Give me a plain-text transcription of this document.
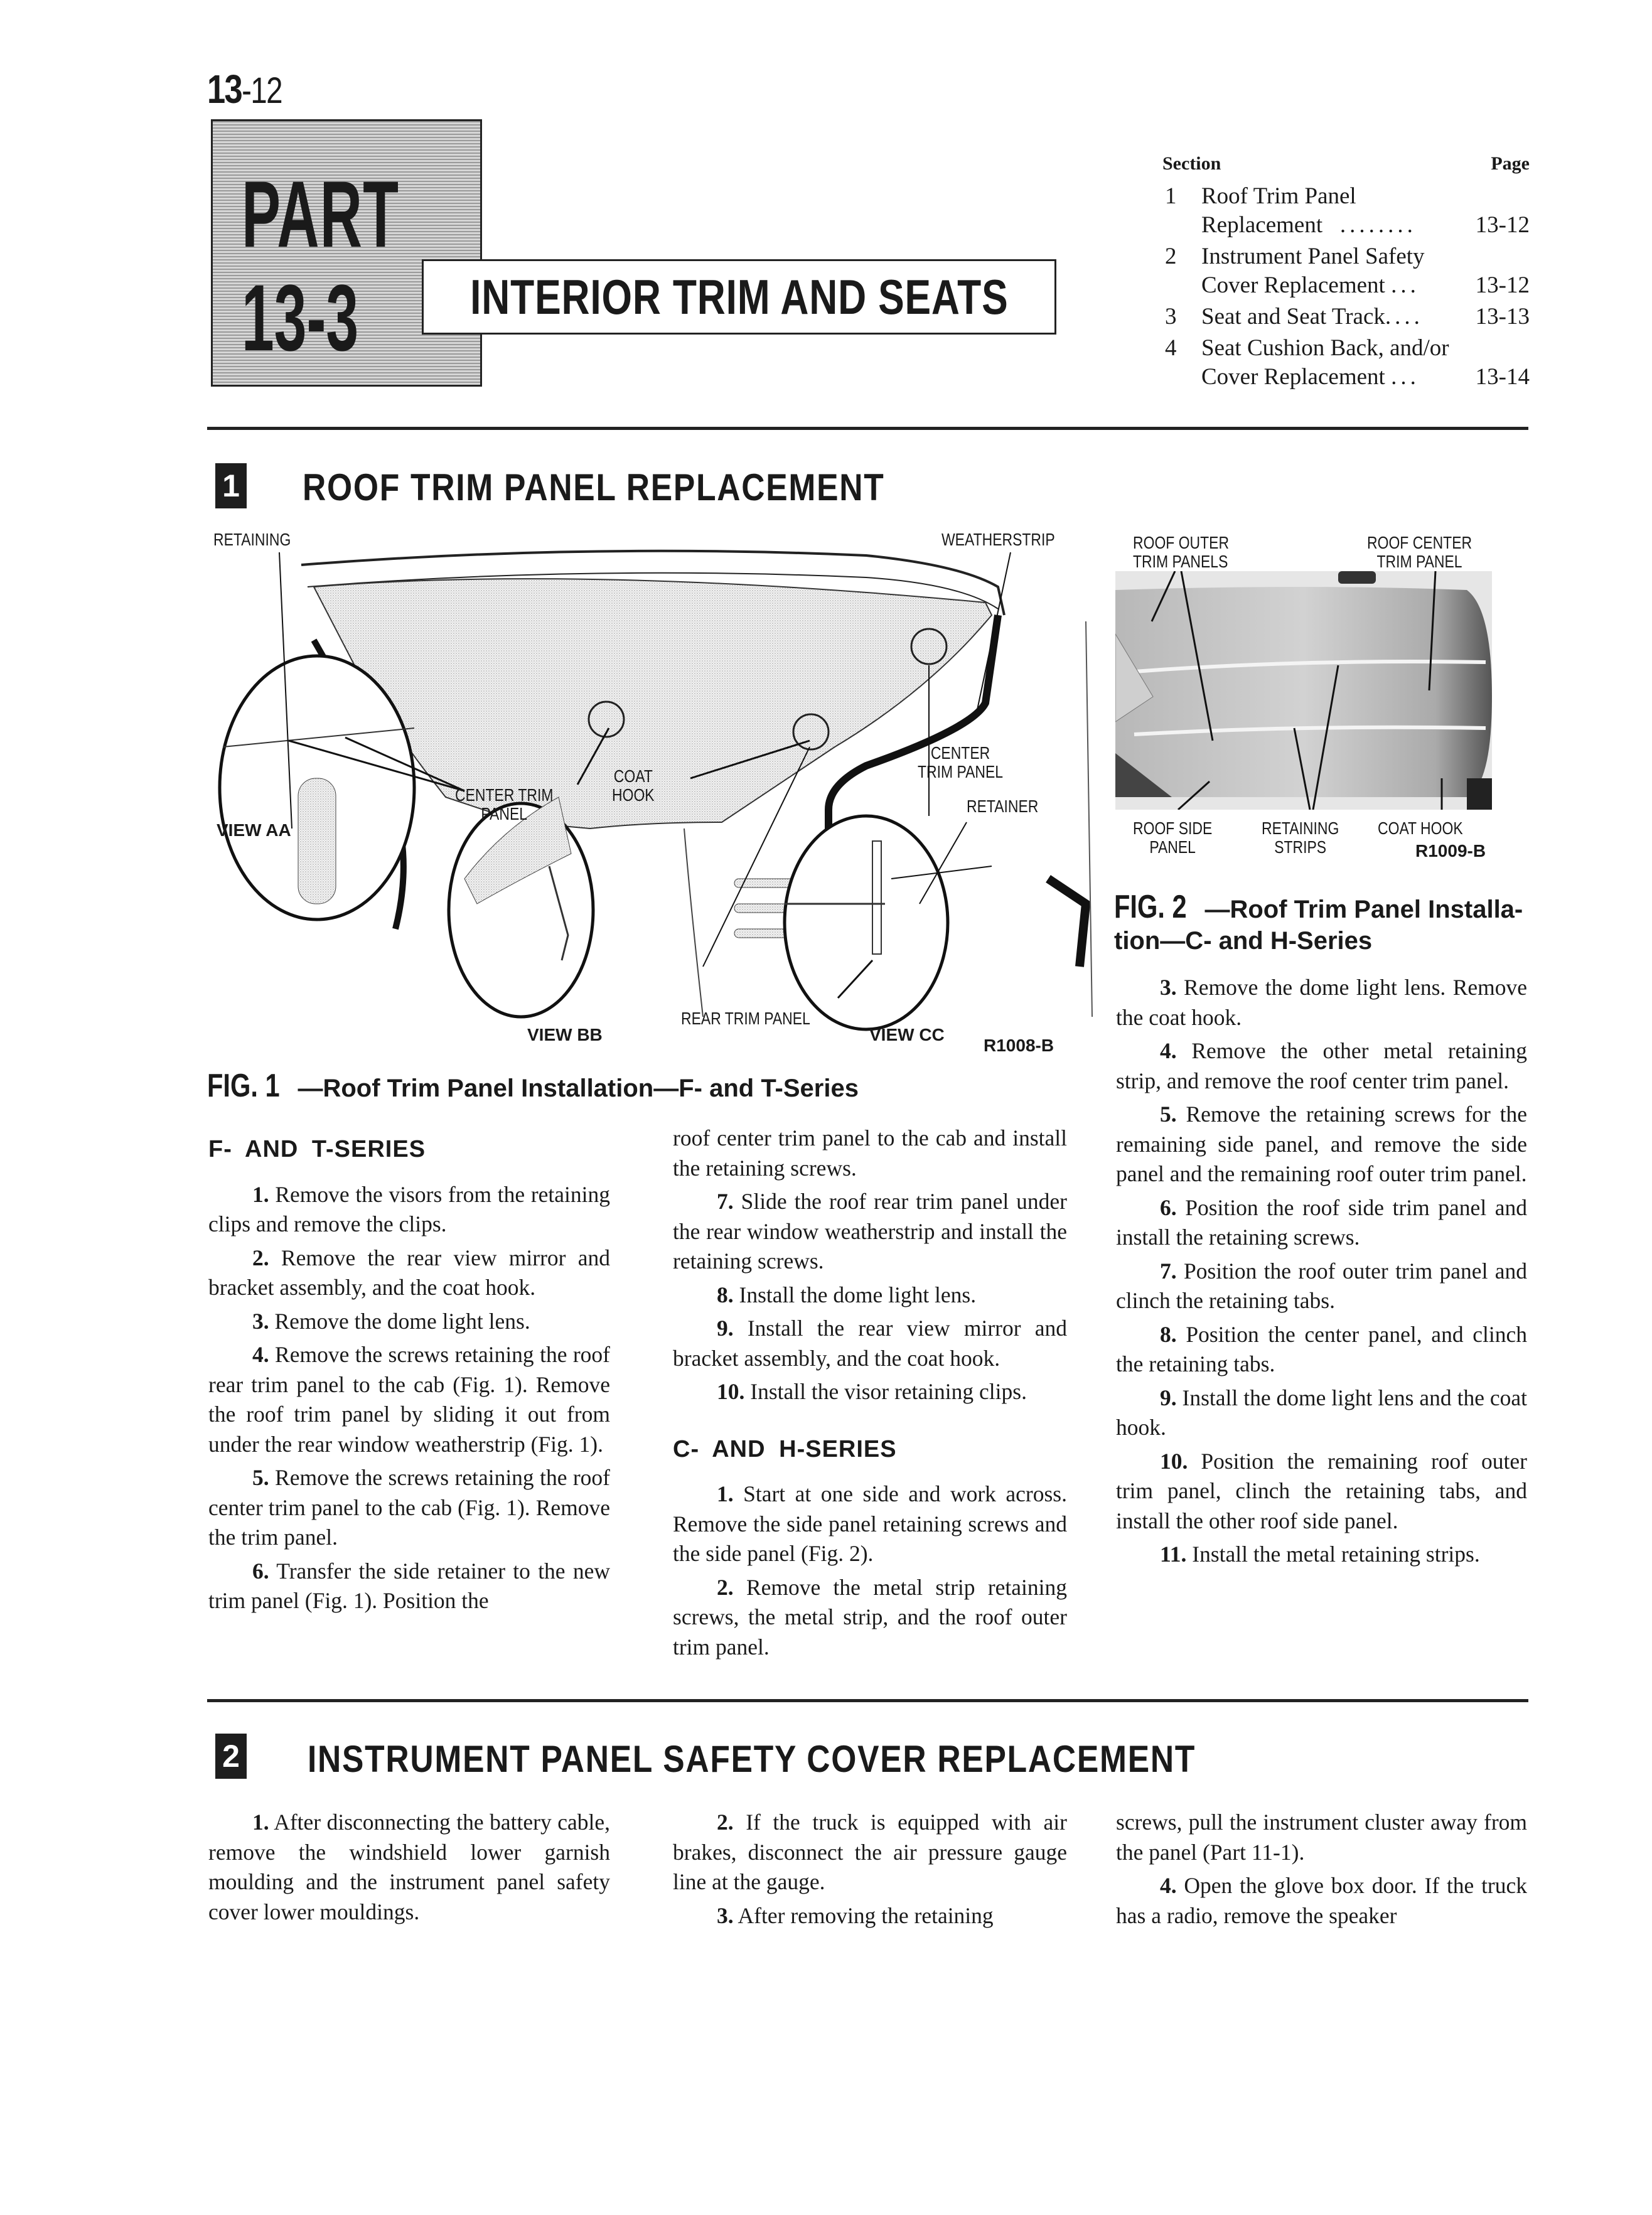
13-12
PART
13-3 INTERIOR TRIM AND SEATS
Section	Page
1	Roof Trim Panel
Replacement ........	13-12
2	Instrument Panel Safety
Cover Replacement ... 13-12
3	Seat and Seat Track.... 13-13
4	Seat Cushion Back, and/or
Cover Replacement ... 13-14
1 ROOF TRIM PANEL REPLACEMENT
RETAINING	WEATHERSTRIP
CENTER TRIM
PANEL
COAT
HOOK
CENTER
TRIM PANEL
RETAINER
REAR TRIM PANEL
VIEW AA
VIEW BB	VIEW CC
R1008-B
FIG. 1 —Roof Trim Panel Installation—F- and T-Series
ROOF OUTER
TRIM PANELS
ROOF CENTER
TRIM PANEL
ROOF SIDE
PANEL
RETAINING
STRIPS
COAT HOOK
R1009-B
FIG. 2 —Roof Trim Panel Installa-
tion—C- and H-Series
F- AND T-SERIES

1. Remove the visors from the retaining clips and remove the clips.

2. Remove the rear view mirror and bracket assembly, and the coat hook.

3. Remove the dome light lens.

4. Remove the screws retaining the roof rear trim panel to the cab (Fig. 1). Remove the roof trim panel by sliding it out from under the rear window weatherstrip (Fig. 1).

5. Remove the screws retaining the roof center trim panel to the cab (Fig. 1). Remove the trim panel.

6. Transfer the side retainer to the new trim panel (Fig. 1). Position the

roof center trim panel to the cab and install the retaining screws.

7. Slide the roof rear trim panel under the rear window weatherstrip and install the retaining screws.

8. Install the dome light lens.

9. Install the rear view mirror and bracket assembly, and the coat hook.

10. Install the visor retaining clips.

C- AND H-SERIES

1. Start at one side and work across. Remove the side panel retaining screws and the side panel (Fig. 2).

2. Remove the metal strip retaining screws, the metal strip, and the roof outer trim panel.

3. Remove the dome light lens. Remove the coat hook.

4. Remove the other metal retaining strip, and remove the roof center trim panel.

5. Remove the retaining screws for the remaining side panel, and remove the side panel and the remaining roof outer trim panel.

6. Position the roof side trim panel and install the retaining screws.

7. Position the roof outer trim panel and clinch the retaining tabs.

8. Position the center panel, and clinch the retaining tabs.

9. Install the dome light lens and the coat hook.

10. Position the remaining roof outer trim panel, clinch the retaining tabs, and install the other roof side panel.

11. Install the metal retaining strips.

2 INSTRUMENT PANEL SAFETY COVER REPLACEMENT

1. After disconnecting the battery cable, remove the windshield lower garnish moulding and the instrument panel safety cover lower mouldings.

2. If the truck is equipped with air brakes, disconnect the air pressure gauge line at the gauge.

3. After removing the retaining

screws, pull the instrument cluster away from the panel (Part 11-1).

4. Open the glove box door. If the truck has a radio, remove the speaker
